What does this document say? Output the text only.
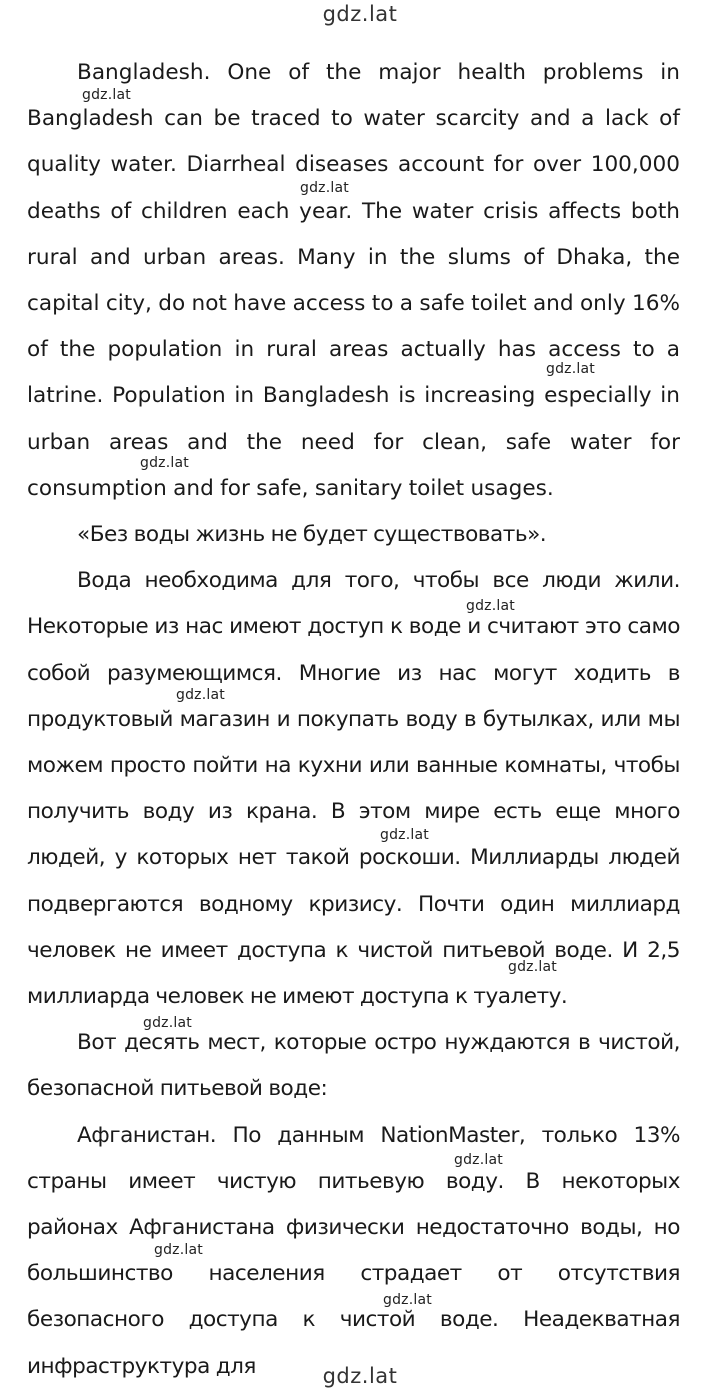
gdz.lat

Bangladesh. One of the major health problems in Bangladesh can be traced to water scarcity and a lack of quality water. Diarrheal diseases account for over 100,000 deaths of children each year. The water crisis affects both rural and urban areas. Many in the slums of Dhaka, the capital city, do not have access to a safe toilet and only 16% of the population in rural areas actually has access to a latrine. Population in Bangladesh is increasing especially in urban areas and the need for clean, safe water for consumption and for safe, sanitary toilet usages.

«Без воды жизнь не будет существовать».

Вода необходима для того, чтобы все люди жили. Некоторые из нас имеют доступ к воде и считают это само собой разумеющимся. Многие из нас могут ходить в продуктовый магазин и покупать воду в бутылках, или мы можем просто пойти на кухни или ванные комнаты, чтобы получить воду из крана. В этом мире есть еще много людей, у которых нет такой роскоши. Миллиарды людей подвергаются водному кризису. Почти один миллиард человек не имеет доступа к чистой питьевой воде. И 2,5 миллиарда человек не имеют доступа к туалету.

Вот десять мест, которые остро нуждаются в чистой, безопасной питьевой воде:

Афганистан. По данным NationMaster, только 13% страны имеет чистую питьевую воду. В некоторых районах Афганистана физически недостаточно воды, но большинство населения страдает от отсутствия безопасного доступа к чистой воде. Неадекватная инфраструктура для

gdz.lat
gdz.lat
gdz.lat
gdz.lat
gdz.lat
gdz.lat
gdz.lat
gdz.lat
gdz.lat
gdz.lat
gdz.lat
gdz.lat
gdz.lat
